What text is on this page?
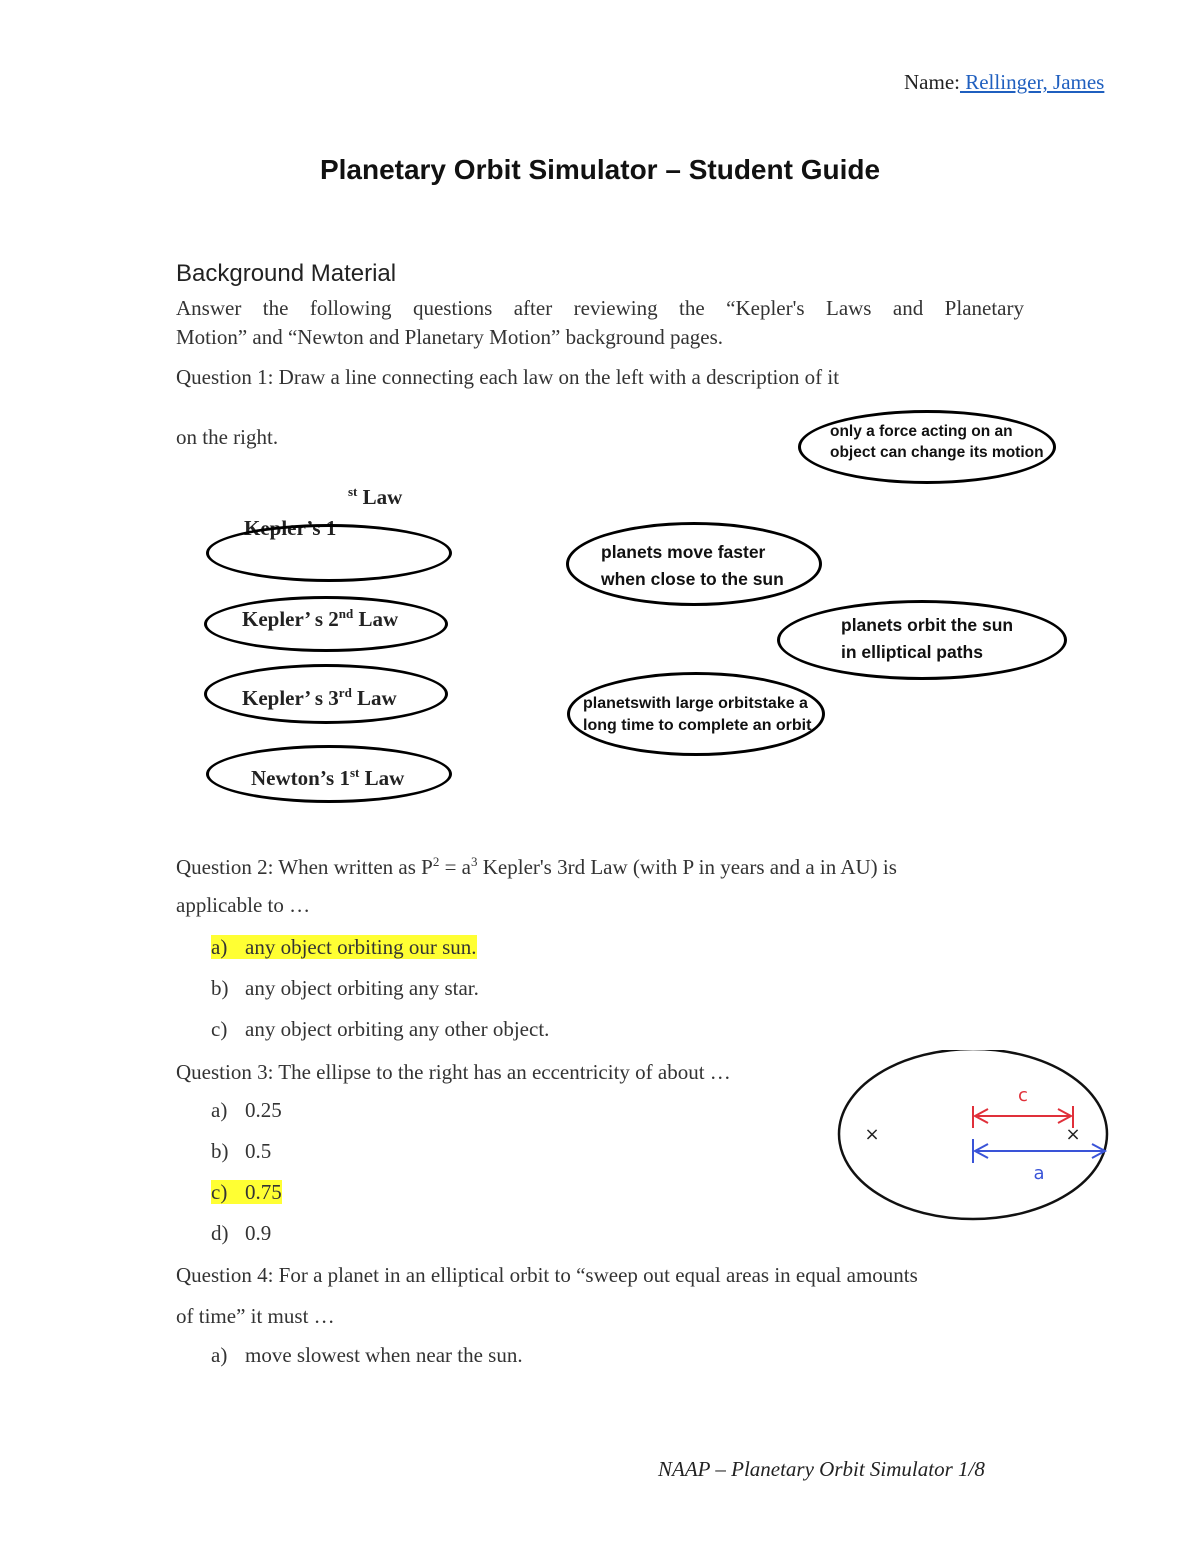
Name: Rellinger, James
Planetary Orbit Simulator – Student Guide
Background Material
Answer the following questions after reviewing the “Kepler's Laws and Planetary
Motion” and “Newton and Planetary Motion” background pages.
Question 1: Draw a line connecting each law on the left with a description of it
on the right.
$^{st}$ Law
Kepler’s 1
Kepler’ s 2nd Law
Kepler’ s 3rd Law
Newton’s 1st Law
only a force acting on an
object can change its motion
planets move faster
when close to the sun
planets orbit the sun
in elliptical paths
planetswith large orbitstake a
long time to complete an orbit
Question 2: When written as $P^2 = a^3$ Kepler's 3rd Law (with P in years and a in AU) is
applicable to …
a) any object orbiting our sun.
b) any object orbiting any star.
c) any object orbiting any other object.
Question 3: The ellipse to the right has an eccentricity of about …
a) 0.25
b) 0.5
c) 0.75
d) 0.9
×	×
c
a
Question 4: For a planet in an elliptical orbit to “sweep out equal areas in equal amounts
of time” it must …
a) move slowest when near the sun.
NAAP – Planetary Orbit Simulator 1/8
